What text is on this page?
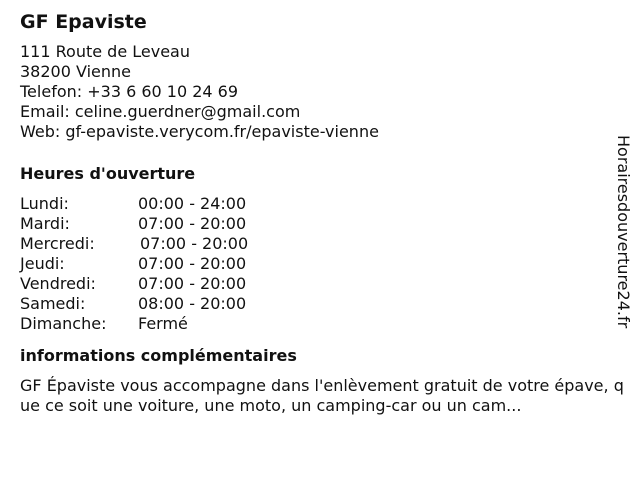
GF Epaviste
111 Route de Leveau
38200 Vienne
Telefon: +33 6 60 10 24 69
Email: celine.guerdner@gmail.com
Web: gf-epaviste.verycom.fr/epaviste-vienne
Heures d'ouverture
Lundi:	00:00 - 24:00
Mardi:	07:00 - 20:00
Mercredi:	07:00 - 20:00
Jeudi:	07:00 - 20:00
Vendredi:	07:00 - 20:00
Samedi:	08:00 - 20:00
Dimanche: Fermé
informations complémentaires
GF Épaviste vous accompagne dans l'enlèvement gratuit de votre épave, que ce soit une voiture, une moto, un camping-car ou un cam...
Horairesdouverture24.fr
